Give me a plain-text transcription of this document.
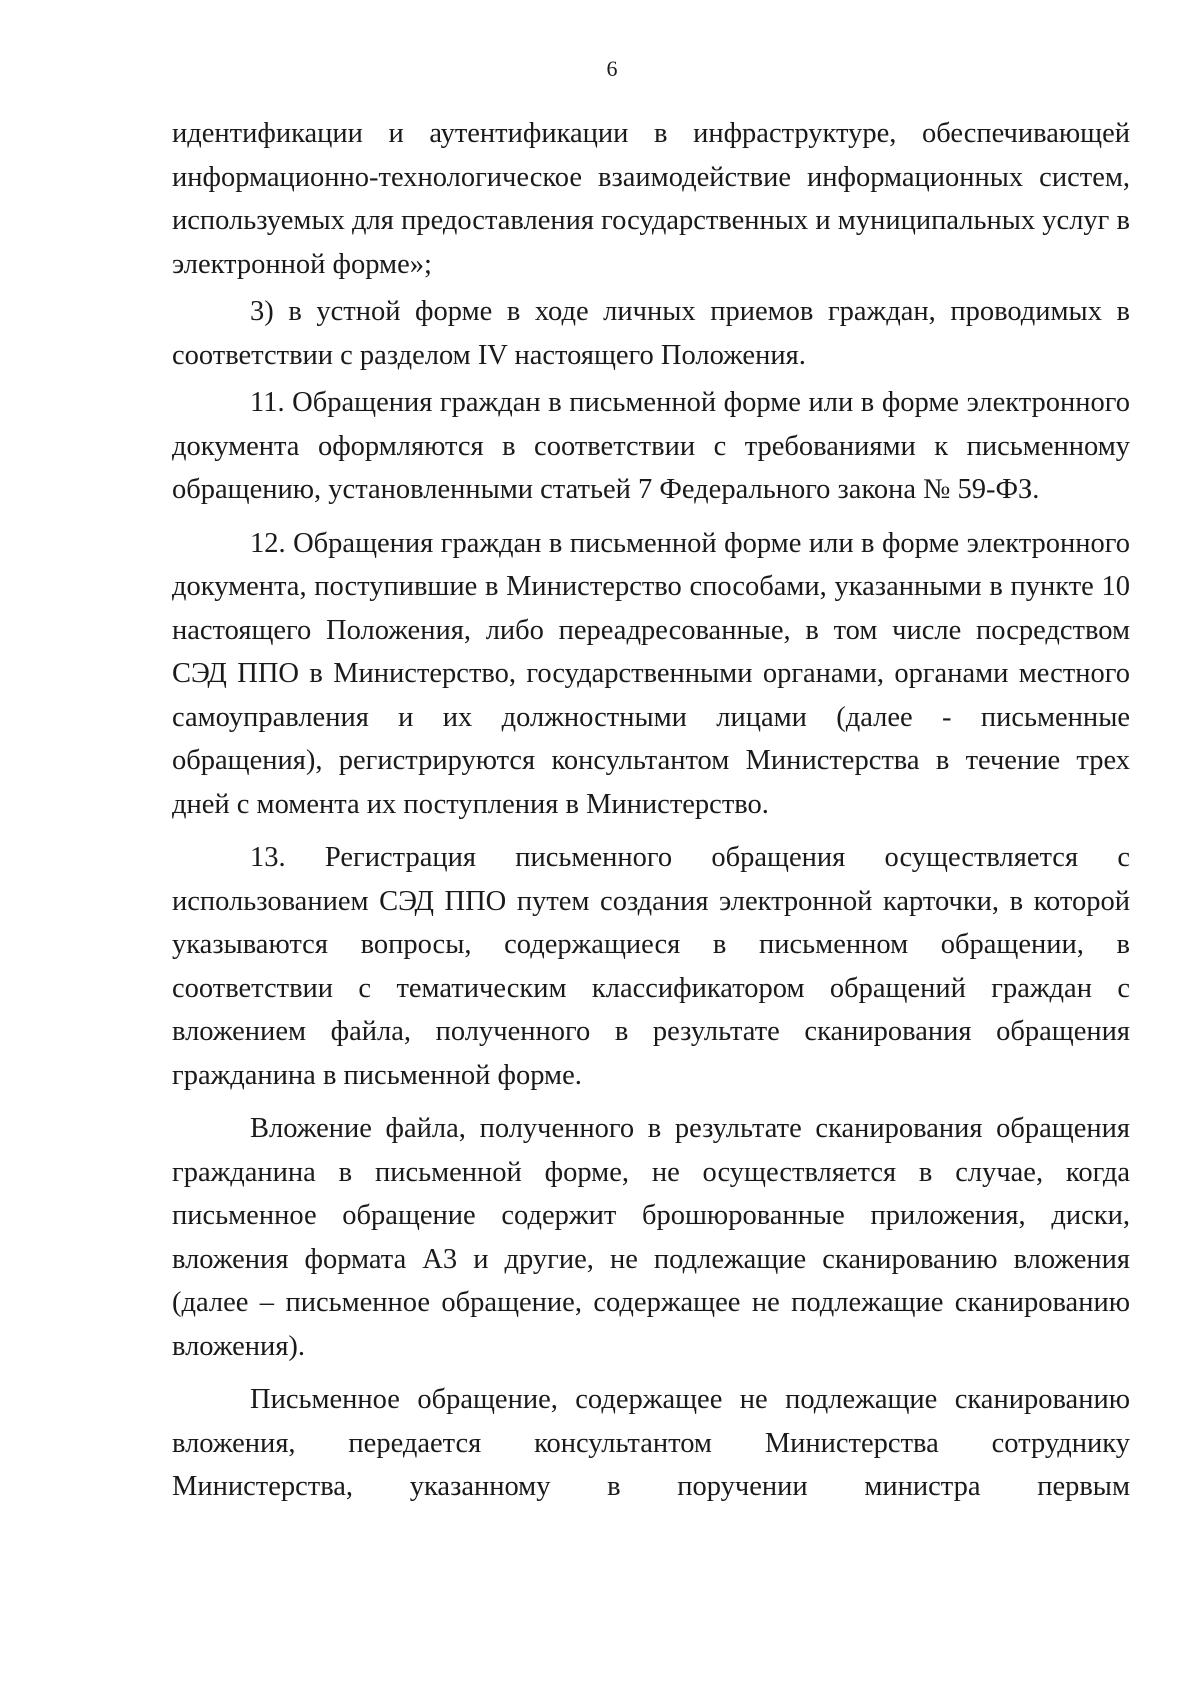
6

идентификации и аутентификации в инфраструктуре, обеспечивающей информационно-технологическое взаимодействие информационных систем, используемых для предоставления государственных и муниципальных услуг в электронной форме»;

3) в устной форме в ходе личных приемов граждан, проводимых в соответствии с разделом IV настоящего Положения.

11. Обращения граждан в письменной форме или в форме электронного документа оформляются в соответствии с требованиями к письменному обращению, установленными статьей 7 Федерального закона № 59-ФЗ.

12. Обращения граждан в письменной форме или в форме электронного документа, поступившие в Министерство способами, указанными в пункте 10 настоящего Положения, либо переадресованные, в том числе посредством СЭД ППО в Министерство, государственными органами, органами местного самоуправления и их должностными лицами (далее - письменные обращения), регистрируются консультантом Министерства в течение трех дней с момента их поступления в Министерство.

13. Регистрация письменного обращения осуществляется с использованием СЭД ППО путем создания электронной карточки, в которой указываются вопросы, содержащиеся в письменном обращении, в соответствии с тематическим классификатором обращений граждан с вложением файла, полученного в результате сканирования обращения гражданина в письменной форме.

Вложение файла, полученного в результате сканирования обращения гражданина в письменной форме, не осуществляется в случае, когда письменное обращение содержит брошюрованные приложения, диски, вложения формата А3 и другие, не подлежащие сканированию вложения (далее – письменное обращение, содержащее не подлежащие сканированию вложения).

Письменное обращение, содержащее не подлежащие сканированию вложения, передается консультантом Министерства сотруднику Министерства, указанному в поручении министра первым
